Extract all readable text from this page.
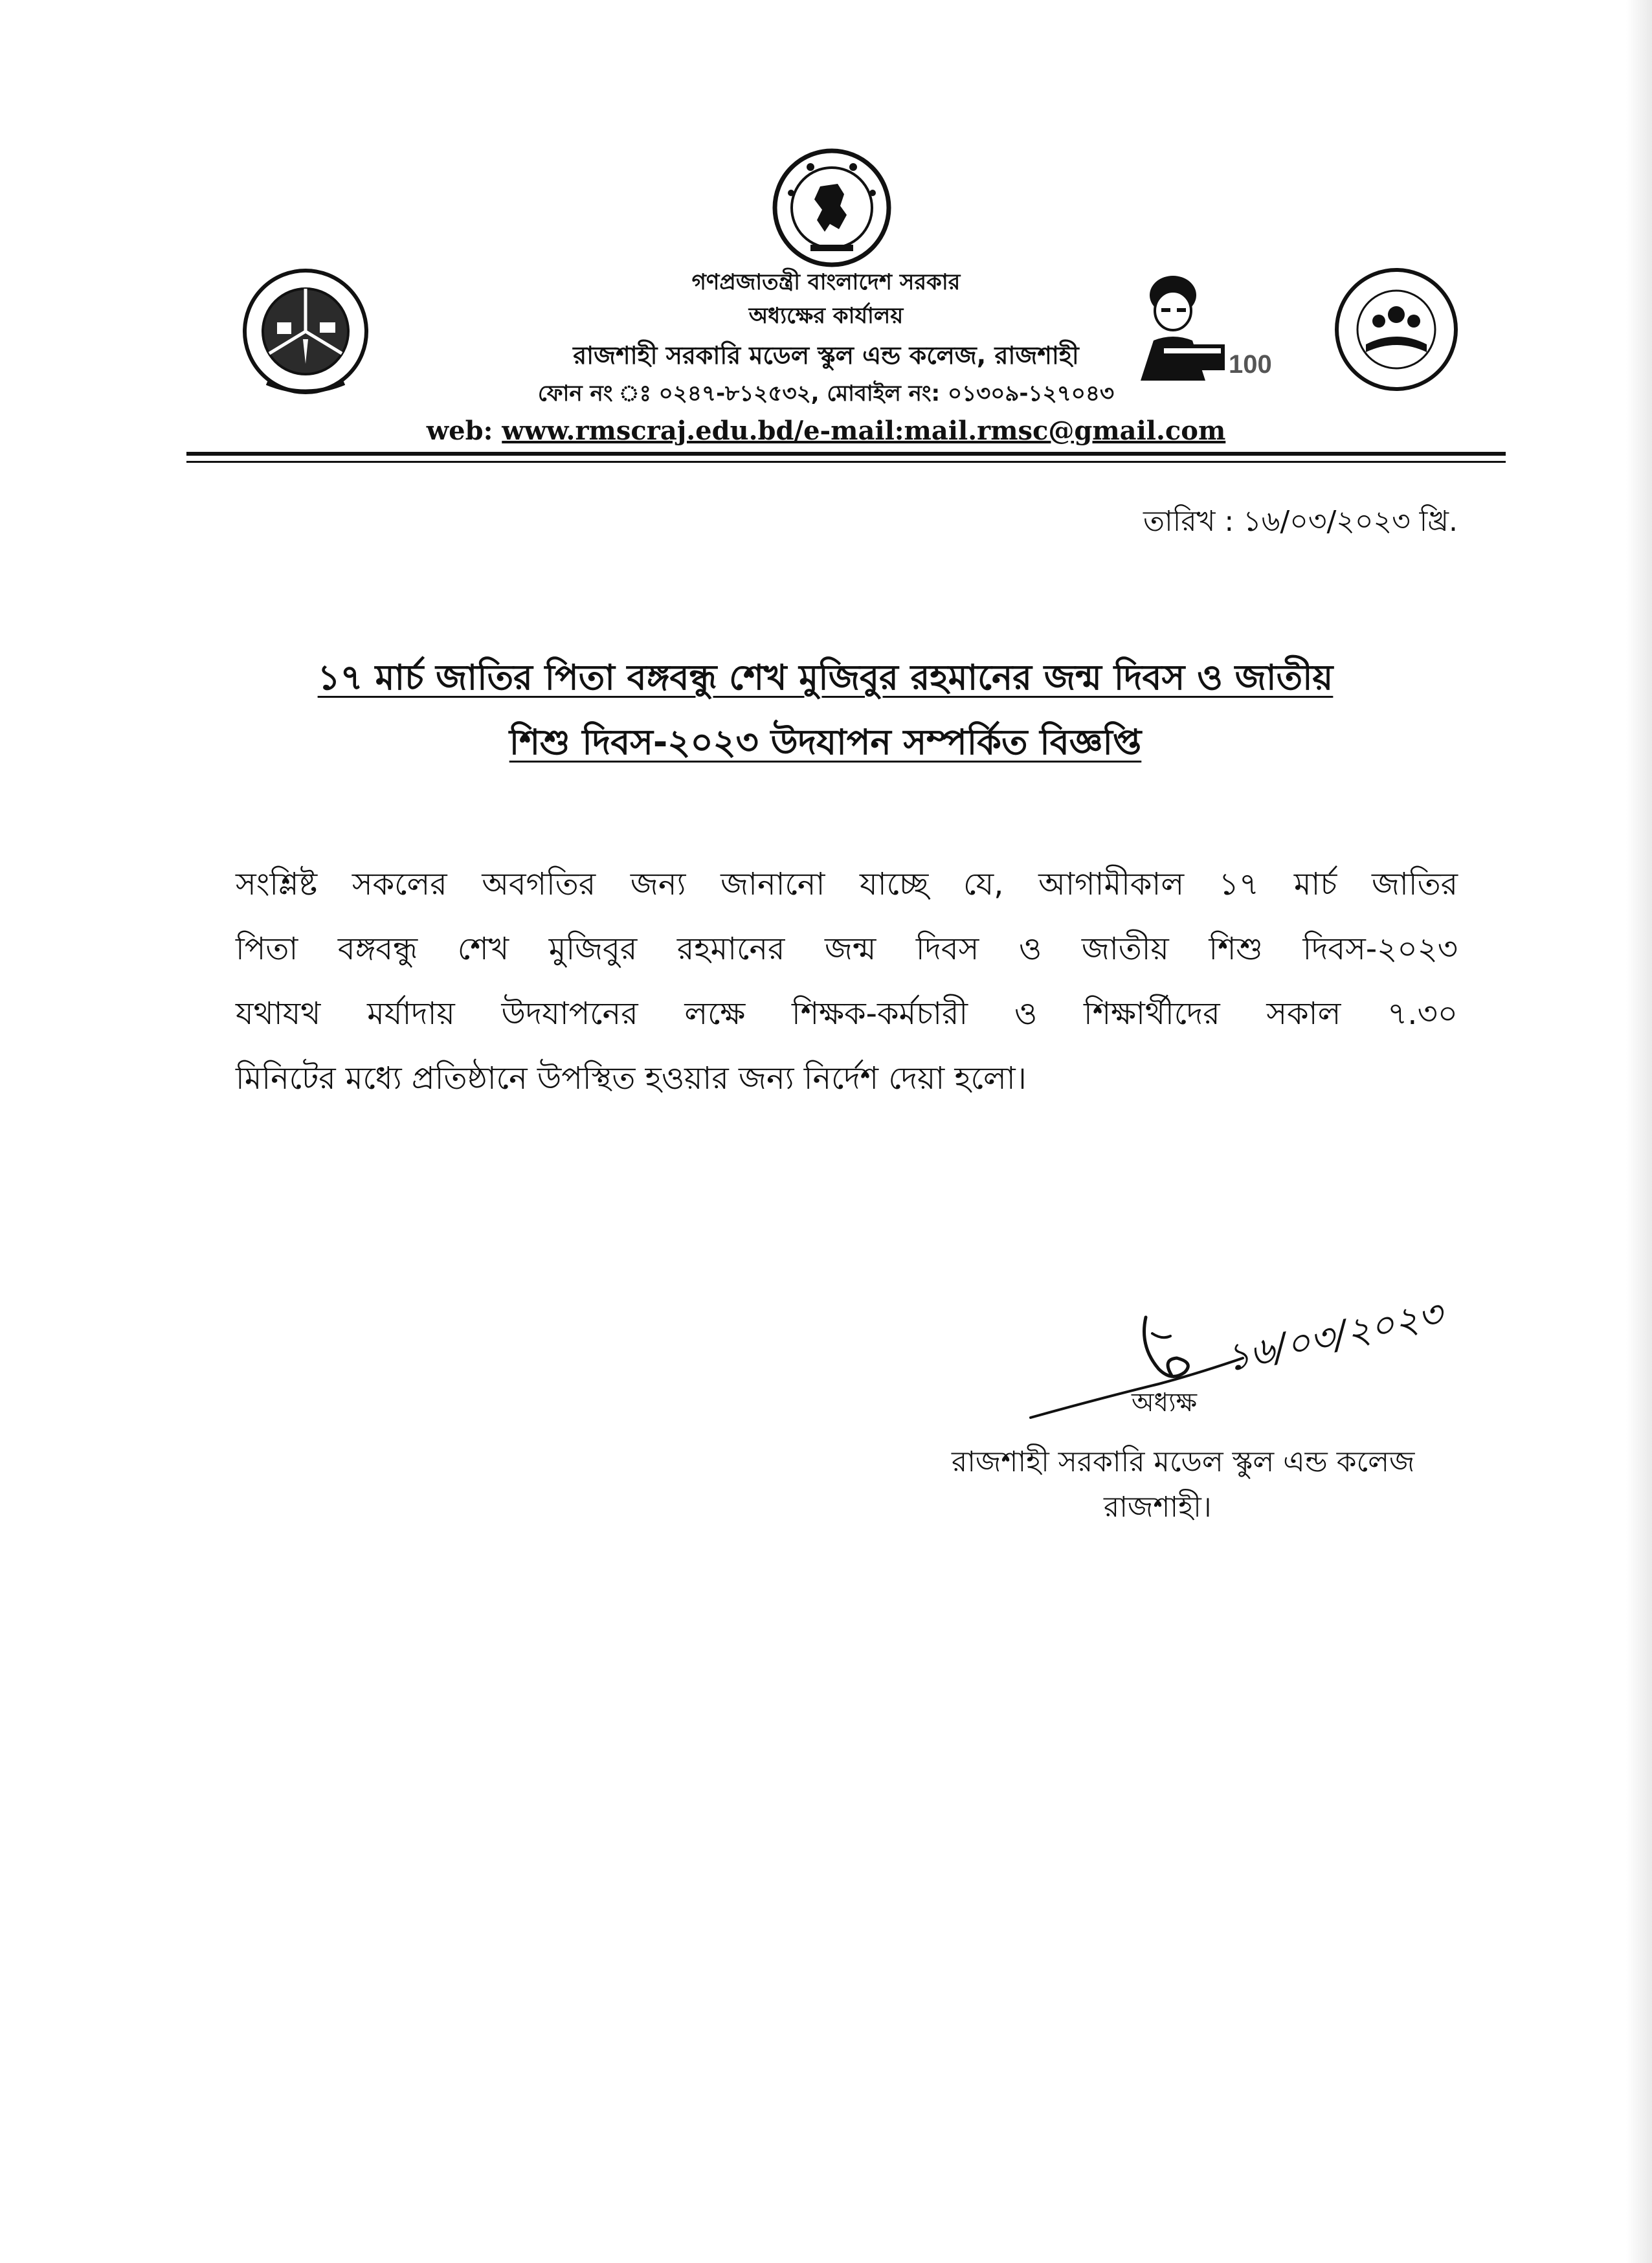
100
গণপ্রজাতন্ত্রী বাংলাদেশ সরকার
অধ্যক্ষের কার্যালয়
রাজশাহী সরকারি মডেল স্কুল এন্ড কলেজ, রাজশাহী
ফোন নং ঃ ০২৪৭-৮১২৫৩২, মোবাইল নং: ০১৩০৯-১২৭০৪৩
web: www.rmscraj.edu.bd/e-mail:mail.rmsc@gmail.com
তারিখ : ১৬/০৩/২০২৩ খ্রি.
১৭ মার্চ জাতির পিতা বঙ্গবন্ধু শেখ মুজিবুর রহমানের জন্ম দিবস ও জাতীয়
শিশু দিবস-২০২৩ উদযাপন সম্পর্কিত বিজ্ঞপ্তি
সংশ্লিষ্ট সকলের অবগতির জন্য জানানো যাচ্ছে যে, আগামীকাল ১৭ মার্চ জাতির
পিতা বঙ্গবন্ধু শেখ মুজিবুর রহমানের জন্ম দিবস ও জাতীয় শিশু দিবস-২০২৩
যথাযথ মর্যাদায় উদযাপনের লক্ষে শিক্ষক-কর্মচারী ও শিক্ষার্থীদের সকাল ৭.৩০
মিনিটের মধ্যে প্রতিষ্ঠানে উপস্থিত হওয়ার জন্য নির্দেশ দেয়া হলো।
১৬/০৩/২০২৩
অধ্যক্ষ
রাজশাহী সরকারি মডেল স্কুল এন্ড কলেজ
রাজশাহী।
